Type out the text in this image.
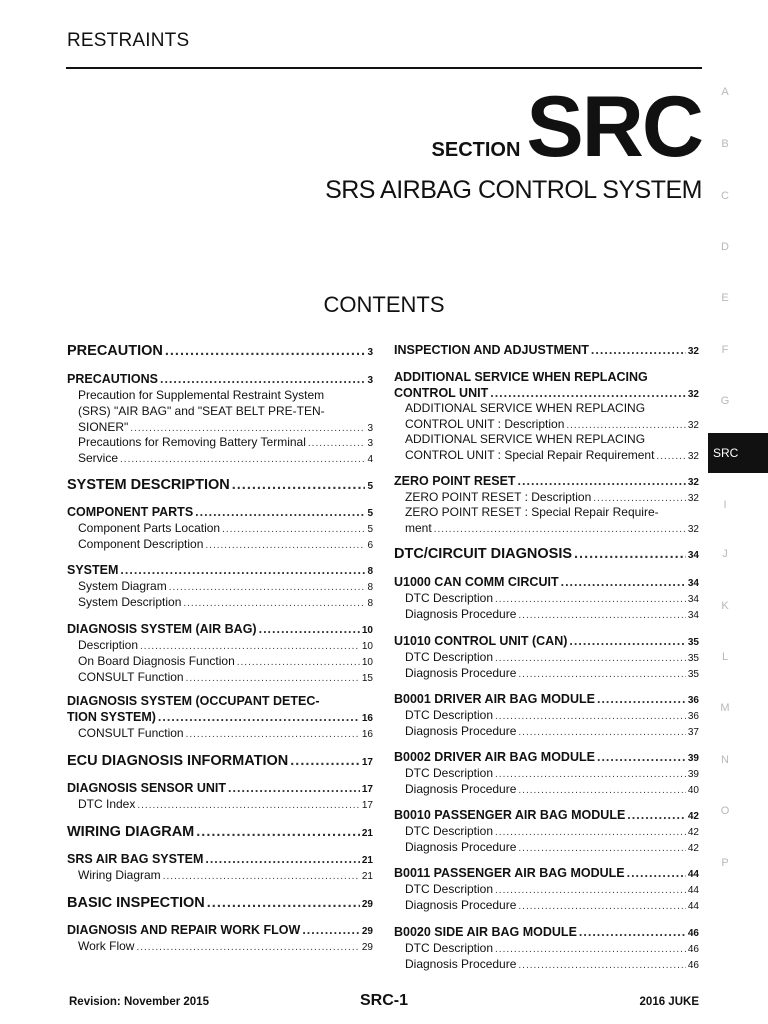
RESTRAINTS
SECTIONSRC
SRS AIRBAG CONTROL SYSTEM
CONTENTS
PRECAUTION .....	3
PRECAUTIONS .....	3
Precaution for Supplemental Restraint System
(SRS) "AIR BAG" and "SEAT BELT PRE-TEN-
SIONER" .....	3
Precautions for Removing Battery Terminal .....	3
Service .....	4
SYSTEM DESCRIPTION .....	5
COMPONENT PARTS .....	5
Component Parts Location .....	5
Component Description .....	6
SYSTEM .....	8
System Diagram .....	8
System Description .....	8
DIAGNOSIS SYSTEM (AIR BAG) .....	10
Description .....	10
On Board Diagnosis Function .....	10
CONSULT Function .....	15
DIAGNOSIS SYSTEM (OCCUPANT DETEC-
TION SYSTEM) .....	16
CONSULT Function .....	16
ECU DIAGNOSIS INFORMATION .....	17
DIAGNOSIS SENSOR UNIT .....	17
DTC Index .....	17
WIRING DIAGRAM .....	21
SRS AIR BAG SYSTEM .....	21
Wiring Diagram .....	21
BASIC INSPECTION .....	29
DIAGNOSIS AND REPAIR WORK FLOW .....	29
Work Flow .....	29
INSPECTION AND ADJUSTMENT .....	32
ADDITIONAL SERVICE WHEN REPLACING
CONTROL UNIT .....	32
ADDITIONAL SERVICE WHEN REPLACING
CONTROL UNIT : Description .....	32
ADDITIONAL SERVICE WHEN REPLACING
CONTROL UNIT : Special Repair Requirement .....	32
ZERO POINT RESET .....	32
ZERO POINT RESET : Description .....	32
ZERO POINT RESET : Special Repair Require-
ment .....	32
DTC/CIRCUIT DIAGNOSIS .....	34
U1000 CAN COMM CIRCUIT .....	34
DTC Description .....	34
Diagnosis Procedure .....	34
U1010 CONTROL UNIT (CAN) .....	35
DTC Description .....	35
Diagnosis Procedure .....	35
B0001 DRIVER AIR BAG MODULE .....	36
DTC Description .....	36
Diagnosis Procedure .....	37
B0002 DRIVER AIR BAG MODULE .....	39
DTC Description .....	39
Diagnosis Procedure .....	40
B0010 PASSENGER AIR BAG MODULE .....	42
DTC Description .....	42
Diagnosis Procedure .....	42
B0011 PASSENGER AIR BAG MODULE .....	44
DTC Description .....	44
Diagnosis Procedure .....	44
B0020 SIDE AIR BAG MODULE .....	46
DTC Description .....	46
Diagnosis Procedure .....	46
A
B
C
D
E
F
G
SRC
I
J
K
L
M
N
O
P
Revision: November 2015	SRC-1	2016 JUKE
